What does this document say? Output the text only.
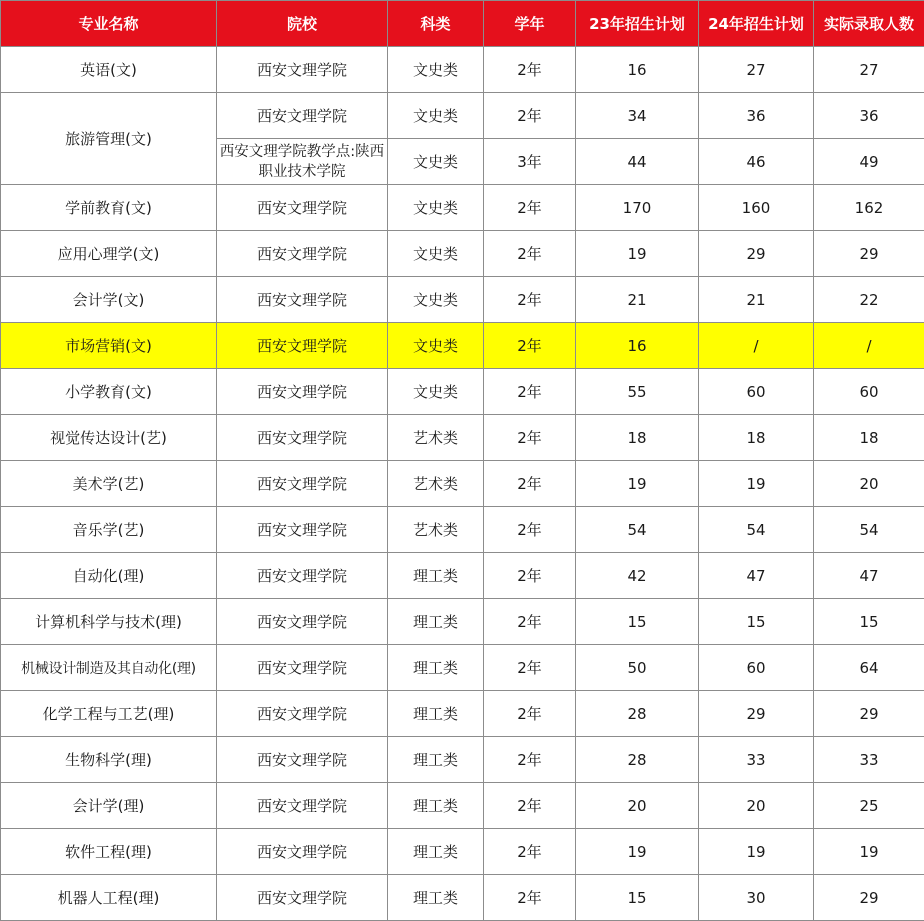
专业名称	院校	科类	学年	23年招生计划	24年招生计划	实际录取人数
英语(文)	西安文理学院	文史类	2年	16	27	27
旅游管理(文)	西安文理学院	文史类	2年	34	36	36
	西安文理学院教学点:陕西职业技术学院	文史类	3年	44	46	49
学前教育(文)	西安文理学院	文史类	2年	170	160	162
应用心理学(文)	西安文理学院	文史类	2年	19	29	29
会计学(文)	西安文理学院	文史类	2年	21	21	22
市场营销(文)	西安文理学院	文史类	2年	16	/	/
小学教育(文)	西安文理学院	文史类	2年	55	60	60
视觉传达设计(艺)	西安文理学院	艺术类	2年	18	18	18
美术学(艺)	西安文理学院	艺术类	2年	19	19	20
音乐学(艺)	西安文理学院	艺术类	2年	54	54	54
自动化(理)	西安文理学院	理工类	2年	42	47	47
计算机科学与技术(理)	西安文理学院	理工类	2年	15	15	15
机械设计制造及其自动化(理)	西安文理学院	理工类	2年	50	60	64
化学工程与工艺(理)	西安文理学院	理工类	2年	28	29	29
生物科学(理)	西安文理学院	理工类	2年	28	33	33
会计学(理)	西安文理学院	理工类	2年	20	20	25
软件工程(理)	西安文理学院	理工类	2年	19	19	19
机器人工程(理)	西安文理学院	理工类	2年	15	30	29
